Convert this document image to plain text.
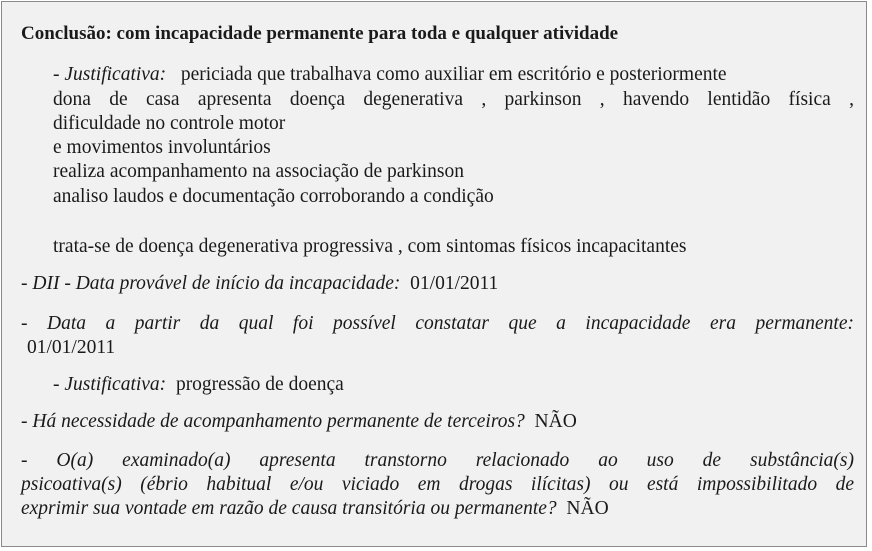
Conclusão: com incapacidade permanente para toda e qualquer atividade
- Justificativa: periciada que trabalhava como auxiliar em escritório e posteriormente
dona de casa apresenta doença degenerativa , parkinson , havendo lentidão física ,
dificuldade no controle motor
e movimentos involuntários
realiza acompanhamento na associação de parkinson
analiso laudos e documentação corroborando a condição
trata-se de doença degenerativa progressiva , com sintomas físicos incapacitantes
- DII - Data provável de início da incapacidade: 01/01/2011
- Data a partir da qual foi possível constatar que a incapacidade era permanente:
01/01/2011
- Justificativa: progressão de doença
- Há necessidade de acompanhamento permanente de terceiros? NÃO
- O(a) examinado(a) apresenta transtorno relacionado ao uso de substância(s)
psicoativa(s) (ébrio habitual e/ou viciado em drogas ilícitas) ou está impossibilitado de
exprimir sua vontade em razão de causa transitória ou permanente? NÃO
